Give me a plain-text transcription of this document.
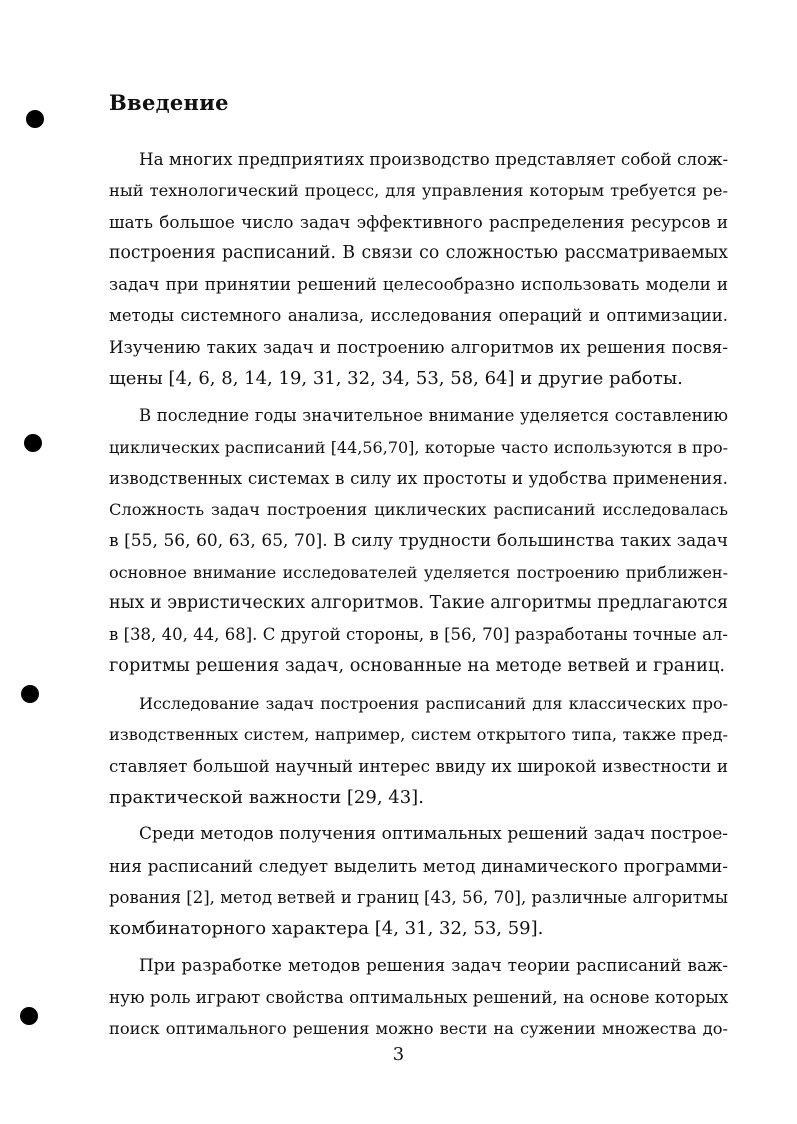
Введение

На многих предприятиях производство представляет собой слож-
ный технологический процесс, для управления которым требуется ре-
шать большое число задач эффективного распределения ресурсов и
построения расписаний. В связи со сложностью рассматриваемых
задач при принятии решений целесообразно использовать модели и
методы системного анализа, исследования операций и оптимизации.
Изучению таких задач и построению алгоритмов их решения посвя-
щены [4, 6, 8, 14, 19, 31, 32, 34, 53, 58, 64] и другие работы.

В последние годы значительное внимание уделяется составлению
циклических расписаний [44,56,70], которые часто используются в про-
изводственных системах в силу их простоты и удобства применения.
Сложность задач построения циклических расписаний исследовалась
в [55, 56, 60, 63, 65, 70]. В силу трудности большинства таких задач
основное внимание исследователей уделяется построению приближен-
ных и эвристических алгоритмов. Такие алгоритмы предлагаются
в [38, 40, 44, 68]. С другой стороны, в [56, 70] разработаны точные ал-
горитмы решения задач, основанные на методе ветвей и границ.

Исследование задач построения расписаний для классических про-
изводственных систем, например, систем открытого типа, также пред-
ставляет большой научный интерес ввиду их широкой известности и
практической важности [29, 43].

Среди методов получения оптимальных решений задач построе-
ния расписаний следует выделить метод динамического программи-
рования [2], метод ветвей и границ [43, 56, 70], различные алгоритмы
комбинаторного характера [4, 31, 32, 53, 59].

При разработке методов решения задач теории расписаний важ-
ную роль играют свойства оптимальных решений, на основе которых
поиск оптимального решения можно вести на сужении множества до-

3
